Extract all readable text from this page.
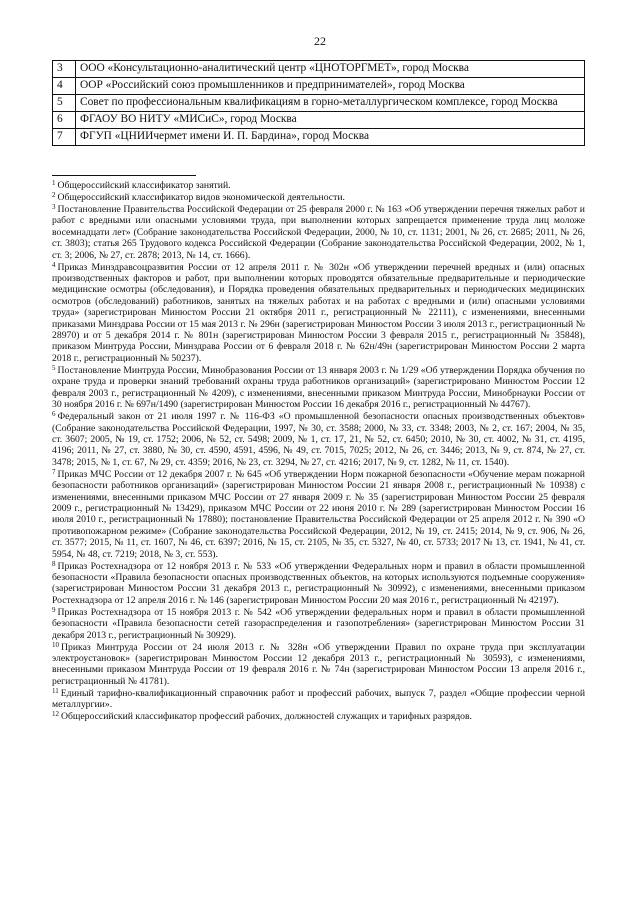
22
3	ООО «Консультационно-аналитический центр «ЦНОТОРГМЕТ», город Москва
4	ООР «Российский союз промышленников и предпринимателей», город Москва
5	Совет по профессиональным квалификациям в горно-металлургическом комплексе, город Москва
6	ФГАОУ ВО НИТУ «МИСиС», город Москва
7	ФГУП «ЦНИИчермет имени И. П. Бардина», город Москва
$^1$ Общероссийский классификатор занятий.
$^2$ Общероссийский классификатор видов экономической деятельности.
$^3$ Постановление Правительства Российской Федерации от 25 февраля 2000 г. № 163 «Об утверждении перечня тяжелых работ и работ с вредными или опасными условиями труда, при выполнении которых запрещается применение труда лиц моложе восемнадцати лет» (Собрание законодательства Российской Федерации, 2000, № 10, ст. 1131; 2001, № 26, ст. 2685; 2011, № 26, ст. 3803); статья 265 Трудового кодекса Российской Федерации (Собрание законодательства Российской Федерации, 2002, № 1, ст. 3; 2006, № 27, ст. 2878; 2013, № 14, ст. 1666).
$^4$ Приказ Минздравсоцразвития России от 12 апреля 2011 г. № 302н «Об утверждении перечней вредных и (или) опасных производственных факторов и работ, при выполнении которых проводятся обязательные предварительные и периодические медицинские осмотры (обследования), и Порядка проведения обязательных предварительных и периодических медицинских осмотров (обследований) работников, занятых на тяжелых работах и на работах с вредными и (или) опасными условиями труда» (зарегистрирован Минюстом России 21 октября 2011 г., регистрационный № 22111), с изменениями, внесенными приказами Минздрава России от 15 мая 2013 г. № 296н (зарегистрирован Минюстом России 3 июля 2013 г., регистрационный № 28970) и от 5 декабря 2014 г. № 801н (зарегистрирован Минюстом России 3 февраля 2015 г., регистрационный № 35848), приказом Минтруда России, Минздрава России от 6 февраля 2018 г. № 62н/49н (зарегистрирован Минюстом России 2 марта 2018 г., регистрационный № 50237).
$^5$ Постановление Минтруда России, Минобразования России от 13 января 2003 г. № 1/29 «Об утверждении Порядка обучения по охране труда и проверки знаний требований охраны труда работников организаций» (зарегистрировано Минюстом России 12 февраля 2003 г., регистрационный № 4209), с изменениями, внесенными приказом Минтруда России, Минобрнауки России от 30 ноября 2016 г. № 697н/1490 (зарегистрирован Минюстом России 16 декабря 2016 г., регистрационный № 44767).
$^6$ Федеральный закон от 21 июля 1997 г. № 116-ФЗ «О промышленной безопасности опасных производственных объектов» (Собрание законодательства Российской Федерации, 1997, № 30, ст. 3588; 2000, № 33, ст. 3348; 2003, № 2, ст. 167; 2004, № 35, ст. 3607; 2005, № 19, ст. 1752; 2006, № 52, ст. 5498; 2009, № 1, ст. 17, 21, № 52, ст. 6450; 2010, № 30, ст. 4002, № 31, ст. 4195, 4196; 2011, № 27, ст. 3880, № 30, ст. 4590, 4591, 4596, № 49, ст. 7015, 7025; 2012, № 26, ст. 3446; 2013, № 9, ст. 874, № 27, ст. 3478; 2015, № 1, ст. 67, № 29, ст. 4359; 2016, № 23, ст. 3294, № 27, ст. 4216; 2017, № 9, ст. 1282, № 11, ст. 1540).
$^7$ Приказ МЧС России от 12 декабря 2007 г. № 645 «Об утверждении Норм пожарной безопасности «Обучение мерам пожарной безопасности работников организаций» (зарегистрирован Минюстом России 21 января 2008 г., регистрационный № 10938) с изменениями, внесенными приказом МЧС России от 27 января 2009 г. № 35 (зарегистрирован Минюстом России 25 февраля 2009 г., регистрационный № 13429), приказом МЧС России от 22 июня 2010 г. № 289 (зарегистрирован Минюстом России 16 июля 2010 г., регистрационный № 17880); постановление Правительства Российской Федерации от 25 апреля 2012 г. № 390 «О противопожарном режиме» (Собрание законодательства Российской Федерации, 2012, № 19, ст. 2415; 2014, № 9, ст. 906, № 26, ст. 3577; 2015, № 11, ст. 1607, № 46, ст. 6397; 2016, № 15, ст. 2105, № 35, ст. 5327, № 40, ст. 5733; 2017 № 13, ст. 1941, № 41, ст. 5954, № 48, ст. 7219; 2018, № 3, ст. 553).
$^8$ Приказ Ростехнадзора от 12 ноября 2013 г. № 533 «Об утверждении Федеральных норм и правил в области промышленной безопасности «Правила безопасности опасных производственных объектов, на которых используются подъемные сооружения» (зарегистрирован Минюстом России 31 декабря 2013 г., регистрационный № 30992), с изменениями, внесенными приказом Ростехнадзора от 12 апреля 2016 г. № 146 (зарегистрирован Минюстом России 20 мая 2016 г., регистрационный № 42197).
$^9$ Приказ Ростехнадзора от 15 ноября 2013 г. № 542 «Об утверждении федеральных норм и правил в области промышленной безопасности «Правила безопасности сетей газораспределения и газопотребления» (зарегистрирован Минюстом России 31 декабря 2013 г., регистрационный № 30929).
$^{10}$ Приказ Минтруда России от 24 июля 2013 г. № 328н «Об утверждении Правил по охране труда при эксплуатации электроустановок» (зарегистрирован Минюстом России 12 декабря 2013 г., регистрационный № 30593), с изменениями, внесенными приказом Минтруда России от 19 февраля 2016 г. № 74н (зарегистрирован Минюстом России 13 апреля 2016 г., регистрационный № 41781).
$^{11}$ Единый тарифно-квалификационный справочник работ и профессий рабочих, выпуск 7, раздел «Общие профессии черной металлургии».
$^{12}$ Общероссийский классификатор профессий рабочих, должностей служащих и тарифных разрядов.
